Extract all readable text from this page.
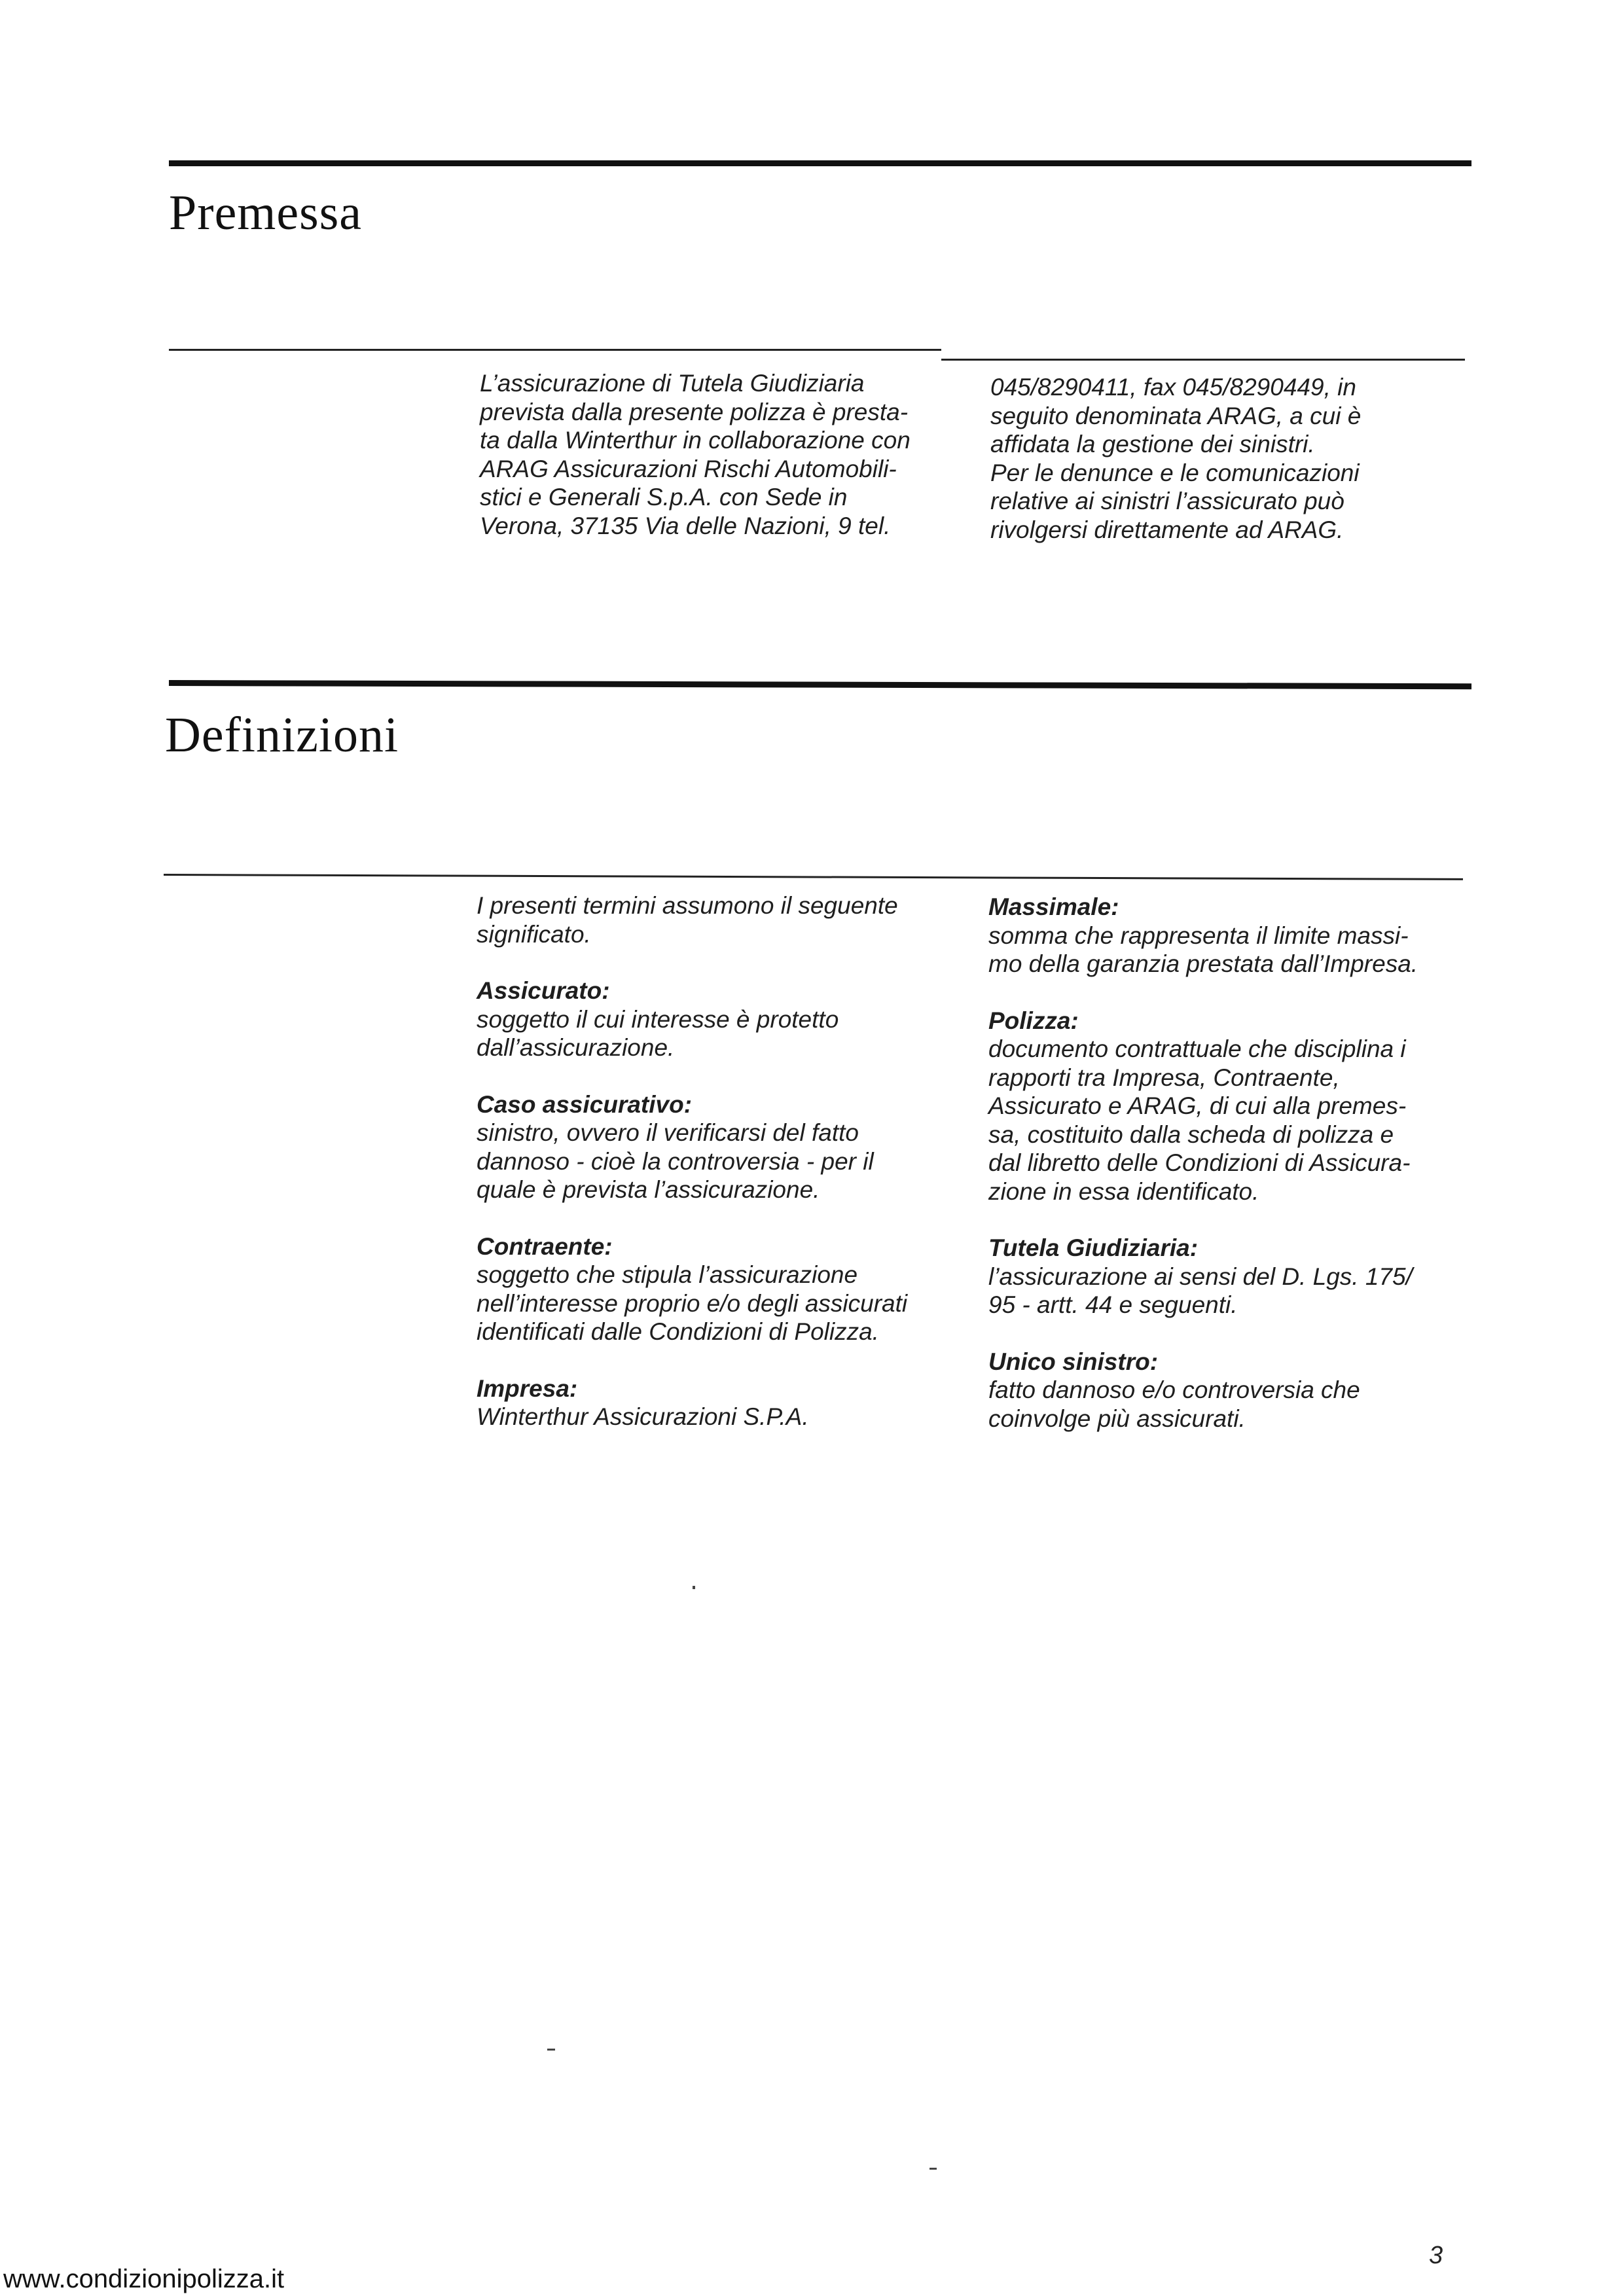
Premessa

L’assicurazione di Tutela Giudiziaria

prevista dalla presente polizza è presta-

ta dalla Winterthur in collaborazione con

ARAG Assicurazioni Rischi Automobili-

stici e Generali S.p.A. con Sede in

Verona, 37135 Via delle Nazioni, 9 tel.

045/8290411, fax 045/8290449, in

seguito denominata ARAG, a cui è

affidata la gestione dei sinistri.

Per le denunce e le comunicazioni

relative ai sinistri l’assicurato può

rivolgersi direttamente ad ARAG.

Definizioni

I presenti termini assumono il seguente

significato.

Assicurato:

soggetto il cui interesse è protetto

dall’assicurazione.

Caso assicurativo:

sinistro, ovvero il verificarsi del fatto

dannoso - cioè la controversia - per il

quale è prevista l’assicurazione.

Contraente:

soggetto che stipula l’assicurazione

nell’interesse proprio e/o degli assicurati

identificati dalle Condizioni di Polizza.

Impresa:

Winterthur Assicurazioni S.P.A.

Massimale:

somma che rappresenta il limite massi-

mo della garanzia prestata dall’Impresa.

Polizza:

documento contrattuale che disciplina i

rapporti tra Impresa, Contraente,

Assicurato e ARAG, di cui alla premes-

sa, costituito dalla scheda di polizza e

dal libretto delle Condizioni di Assicura-

zione in essa identificato.

Tutela Giudiziaria:

l’assicurazione ai sensi del D. Lgs. 175/

95 - artt. 44 e seguenti.

Unico sinistro:

fatto dannoso e/o controversia che

coinvolge più assicurati.

3
www.condizionipolizza.it
